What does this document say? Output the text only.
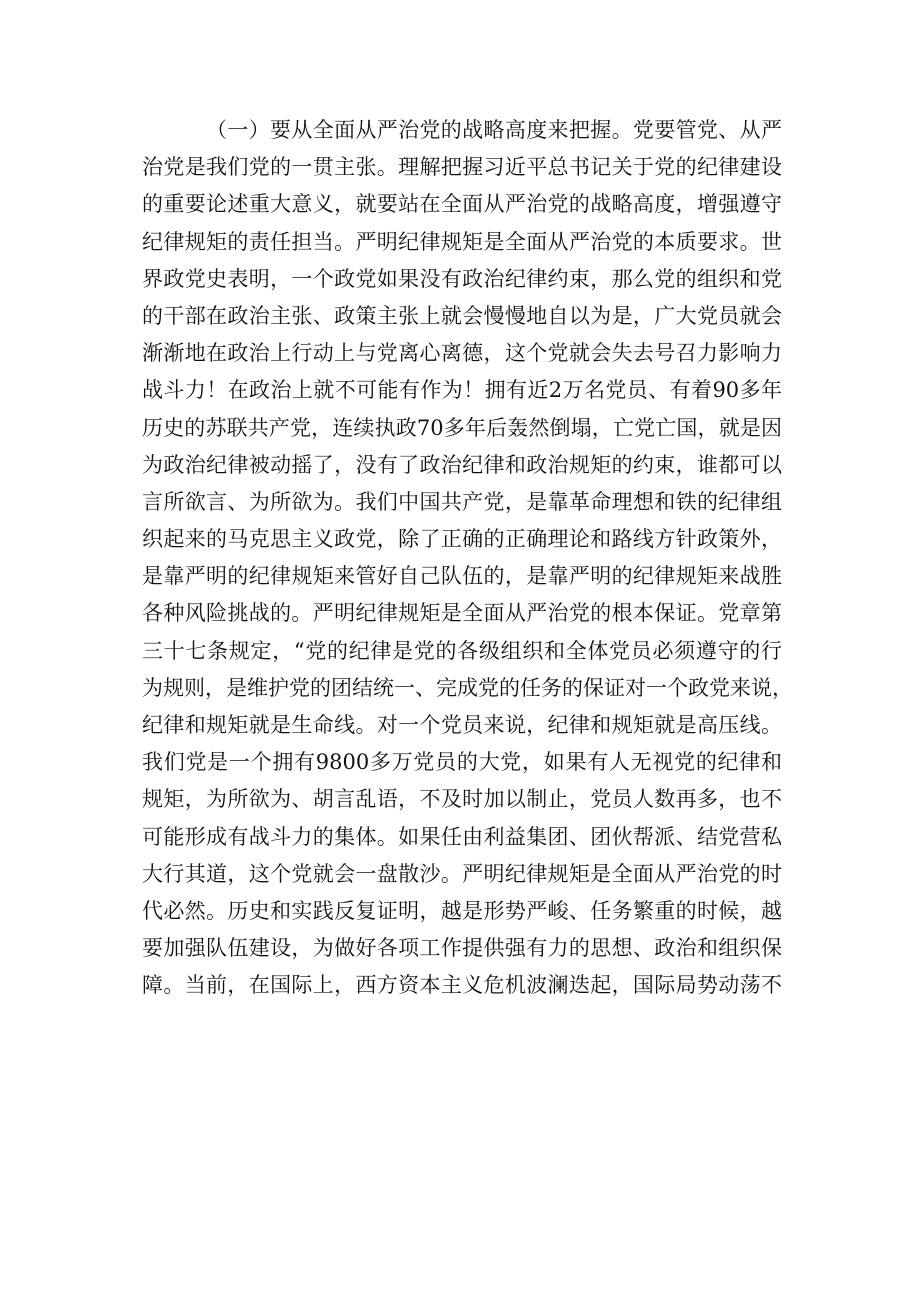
（一）要从全面从严治党的战略高度来把握。党要管党、从严
治党是我们党的一贯主张。理解把握习近平总书记关于党的纪律建设
的重要论述重大意义，就要站在全面从严治党的战略高度，增强遵守
纪律规矩的责任担当。严明纪律规矩是全面从严治党的本质要求。世
界政党史表明，一个政党如果没有政治纪律约束，那么党的组织和党
的干部在政治主张、政策主张上就会慢慢地自以为是，广大党员就会
渐渐地在政治上行动上与党离心离德，这个党就会失去号召力影响力
战斗力！在政治上就不可能有作为！拥有近2万名党员、有着90多年
历史的苏联共产党，连续执政70多年后轰然倒塌，亡党亡国，就是因
为政治纪律被动摇了，没有了政治纪律和政治规矩的约束，谁都可以
言所欲言、为所欲为。我们中国共产党，是靠革命理想和铁的纪律组
织起来的马克思主义政党，除了正确的正确理论和路线方针政策外，
是靠严明的纪律规矩来管好自己队伍的，是靠严明的纪律规矩来战胜
各种风险挑战的。严明纪律规矩是全面从严治党的根本保证。党章第
三十七条规定，“党的纪律是党的各级组织和全体党员必须遵守的行
为规则，是维护党的团结统一、完成党的任务的保证对一个政党来说，
纪律和规矩就是生命线。对一个党员来说，纪律和规矩就是高压线。
我们党是一个拥有9800多万党员的大党，如果有人无视党的纪律和
规矩，为所欲为、胡言乱语，不及时加以制止，党员人数再多，也不
可能形成有战斗力的集体。如果任由利益集团、团伙帮派、结党营私
大行其道，这个党就会一盘散沙。严明纪律规矩是全面从严治党的时
代必然。历史和实践反复证明，越是形势严峻、任务繁重的时候，越
要加强队伍建设，为做好各项工作提供强有力的思想、政治和组织保
障。当前，在国际上，西方资本主义危机波澜迭起，国际局势动荡不
